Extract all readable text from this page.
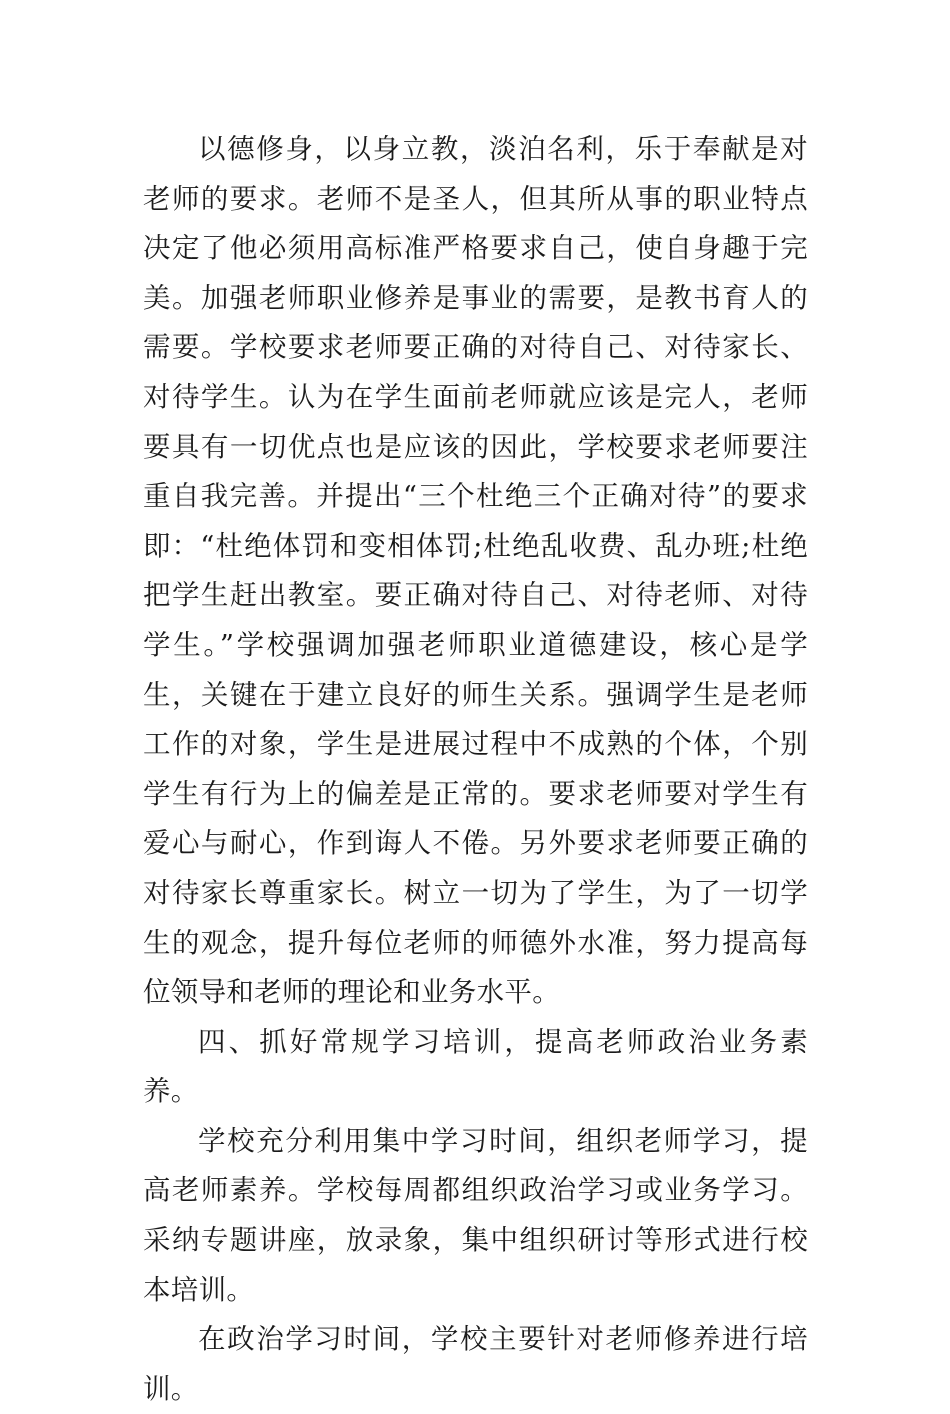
以德修身，以身立教，淡泊名利，乐于奉献是对老师的要求。老师不是圣人，但其所从事的职业特点决定了他必须用高标准严格要求自己，使自身趣于完美。加强老师职业修养是事业的需要，是教书育人的需要。学校要求老师要正确的对待自己、对待家长、对待学生。认为在学生面前老师就应该是完人，老师要具有一切优点也是应该的因此，学校要求老师要注重自我完善。并提出“三个杜绝三个正确对待”的要求即：“杜绝体罚和变相体罚;杜绝乱收费、乱办班;杜绝把学生赶出教室。要正确对待自己、对待老师、对待学生。”学校强调加强老师职业道德建设，核心是学生，关键在于建立良好的师生关系。强调学生是老师工作的对象，学生是进展过程中不成熟的个体，个别学生有行为上的偏差是正常的。要求老师要对学生有爱心与耐心，作到诲人不倦。另外要求老师要正确的对待家长尊重家长。树立一切为了学生，为了一切学生的观念，提升每位老师的师德外水准，努力提高每位领导和老师的理论和业务水平。

四、抓好常规学习培训，提高老师政治业务素养。

学校充分利用集中学习时间，组织老师学习，提高老师素养。学校每周都组织政治学习或业务学习。采纳专题讲座，放录象，集中组织研讨等形式进行校本培训。

在政治学习时间，学校主要针对老师修养进行培训。
